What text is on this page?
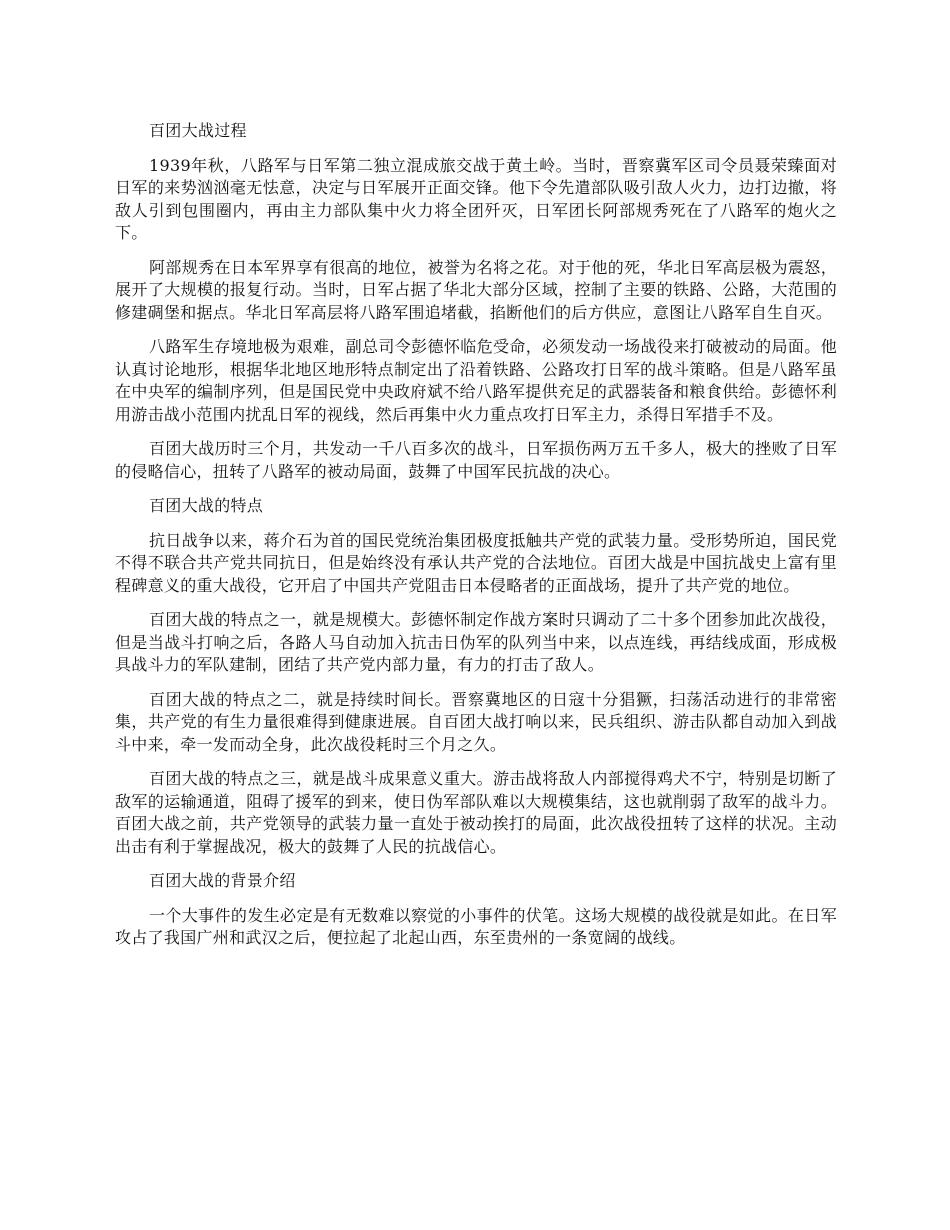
百团大战过程

1939年秋，八路军与日军第二独立混成旅交战于黄土岭。当时，晋察冀军区司令员聂荣臻面对日军的来势汹汹毫无怯意，决定与日军展开正面交锋。他下令先遣部队吸引敌人火力，边打边撤，将敌人引到包围圈内，再由主力部队集中火力将全团歼灭，日军团长阿部规秀死在了八路军的炮火之下。

阿部规秀在日本军界享有很高的地位，被誉为名将之花。对于他的死，华北日军高层极为震怒，展开了大规模的报复行动。当时，日军占据了华北大部分区域，控制了主要的铁路、公路，大范围的修建碉堡和据点。华北日军高层将八路军围追堵截，掐断他们的后方供应，意图让八路军自生自灭。

八路军生存境地极为艰难，副总司令彭德怀临危受命，必须发动一场战役来打破被动的局面。他认真讨论地形，根据华北地区地形特点制定出了沿着铁路、公路攻打日军的战斗策略。但是八路军虽在中央军的编制序列，但是国民党中央政府斌不给八路军提供充足的武器装备和粮食供给。彭德怀利用游击战小范围内扰乱日军的视线，然后再集中火力重点攻打日军主力，杀得日军措手不及。

百团大战历时三个月，共发动一千八百多次的战斗，日军损伤两万五千多人，极大的挫败了日军的侵略信心，扭转了八路军的被动局面，鼓舞了中国军民抗战的决心。

百团大战的特点

抗日战争以来，蒋介石为首的国民党统治集团极度抵触共产党的武装力量。受形势所迫，国民党不得不联合共产党共同抗日，但是始终没有承认共产党的合法地位。百团大战是中国抗战史上富有里程碑意义的重大战役，它开启了中国共产党阻击日本侵略者的正面战场，提升了共产党的地位。

百团大战的特点之一，就是规模大。彭德怀制定作战方案时只调动了二十多个团参加此次战役，但是当战斗打响之后，各路人马自动加入抗击日伪军的队列当中来，以点连线，再结线成面，形成极具战斗力的军队建制，团结了共产党内部力量，有力的打击了敌人。

百团大战的特点之二，就是持续时间长。晋察冀地区的日寇十分猖獗，扫荡活动进行的非常密集，共产党的有生力量很难得到健康进展。自百团大战打响以来，民兵组织、游击队都自动加入到战斗中来，牵一发而动全身，此次战役耗时三个月之久。

百团大战的特点之三，就是战斗成果意义重大。游击战将敌人内部搅得鸡犬不宁，特别是切断了敌军的运输通道，阻碍了援军的到来，使日伪军部队难以大规模集结，这也就削弱了敌军的战斗力。百团大战之前，共产党领导的武装力量一直处于被动挨打的局面，此次战役扭转了这样的状况。主动出击有利于掌握战况，极大的鼓舞了人民的抗战信心。

百团大战的背景介绍

一个大事件的发生必定是有无数难以察觉的小事件的伏笔。这场大规模的战役就是如此。在日军攻占了我国广州和武汉之后，便拉起了北起山西，东至贵州的一条宽阔的战线。
